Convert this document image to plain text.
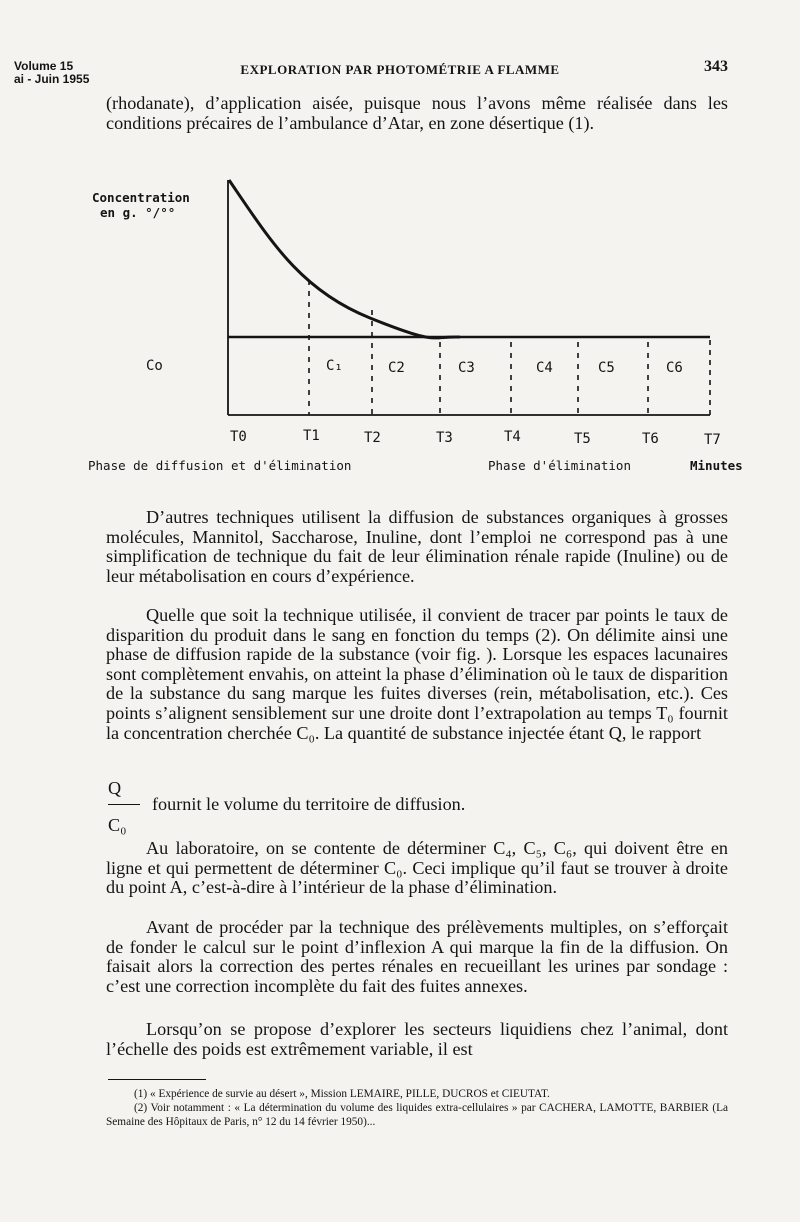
Volume 15
ai - Juin 1955
EXPLORATION PAR PHOTOMÉTRIE A FLAMME	343
(rhodanate), d’application aisée, puisque nous l’avons même réalisée dans les conditions précaires de l’ambulance d’Atar, en zone désertique (1).
Concentration
en g. °/°°
Co	C₁	C2	C3	C4	C5	C6
T0	T1	T2	T3	T4	T5	T6	T7
Phase de diffusion et d'élimination	Phase d'élimination	Minutes
D’autres techniques utilisent la diffusion de substances organiques à grosses molécules, Mannitol, Saccharose, Inuline, dont l’emploi ne correspond pas à une simplification de technique du fait de leur élimination rénale rapide (Inuline) ou de leur métabolisation en cours d’expérience.
Quelle que soit la technique utilisée, il convient de tracer par points le taux de disparition du produit dans le sang en fonction du temps (2). On délimite ainsi une phase de diffusion rapide de la substance (voir fig. ). Lorsque les espaces lacunaires sont complètement envahis, on atteint la phase d’élimination où le taux de disparition de la substance du sang marque les fuites diverses (rein, métabolisation, etc.). Ces points s’alignent sensiblement sur une droite dont l’extrapolation au temps T₀ fournit la concentration cherchée C₀. La quantité de substance injectée étant Q, le rapport
Q
fournit le volume du territoire de diffusion.
C₀
Au laboratoire, on se contente de déterminer C₄, C₅, C₆, qui doivent être en ligne et qui permettent de déterminer C₀. Ceci implique qu’il faut se trouver à droite du point A, c’est-à-dire à l’intérieur de la phase d’élimination.
Avant de procéder par la technique des prélèvements multiples, on s’efforçait de fonder le calcul sur le point d’inflexion A qui marque la fin de la diffusion. On faisait alors la correction des pertes rénales en recueillant les urines par sondage : c’est une correction incomplète du fait des fuites annexes.
Lorsqu’on se propose d’explorer les secteurs liquidiens chez l’animal, dont l’échelle des poids est extrêmement variable, il est
(1) « Expérience de survie au désert », Mission LEMAIRE, PILLE, DUCROS et CIEUTAT.
(2) Voir notamment : « La détermination du volume des liquides extra-cellulaires » par CACHERA, LAMOTTE, BARBIER (La Semaine des Hôpitaux de Paris, n° 12 du 14 février 1950)...
